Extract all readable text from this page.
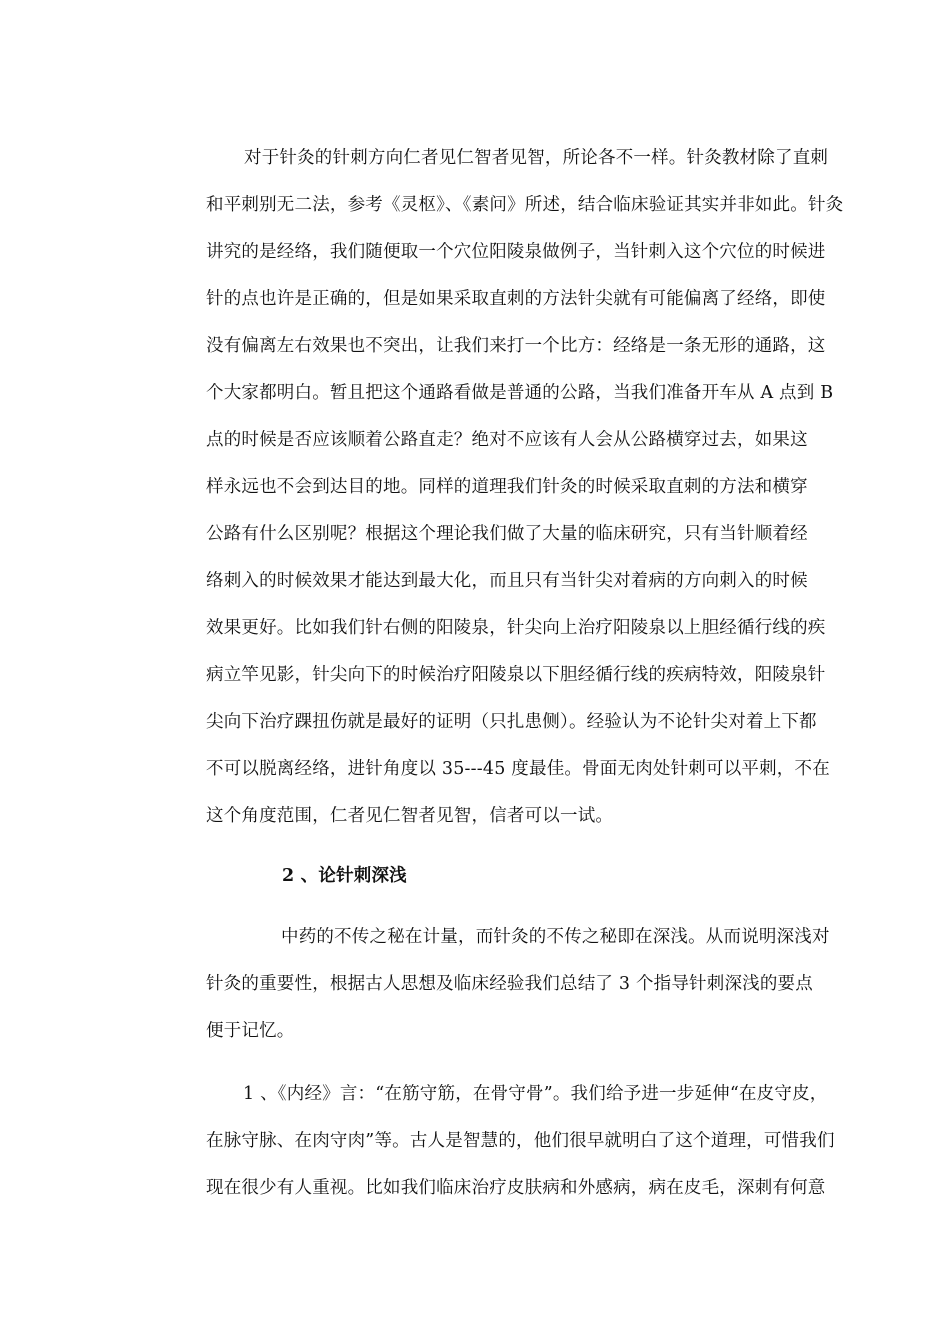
对于针灸的针刺方向仁者见仁智者见智，所论各不一样。针灸教材除了直刺
和平刺别无二法，参考《灵枢》、《素问》所述，结合临床验证其实并非如此。针灸
讲究的是经络，我们随便取一个穴位阳陵泉做例子，当针刺入这个穴位的时候进
针的点也许是正确的，但是如果采取直刺的方法针尖就有可能偏离了经络，即使
没有偏离左右效果也不突出，让我们来打一个比方：经络是一条无形的通路，这
个大家都明白。暂且把这个通路看做是普通的公路，当我们准备开车从 A 点到 B
点的时候是否应该顺着公路直走？绝对不应该有人会从公路横穿过去，如果这
样永远也不会到达目的地。同样的道理我们针灸的时候采取直刺的方法和横穿
公路有什么区别呢？根据这个理论我们做了大量的临床研究，只有当针顺着经
络刺入的时候效果才能达到最大化，而且只有当针尖对着病的方向刺入的时候
效果更好。比如我们针右侧的阳陵泉，针尖向上治疗阳陵泉以上胆经循行线的疾
病立竿见影，针尖向下的时候治疗阳陵泉以下胆经循行线的疾病特效，阳陵泉针
尖向下治疗踝扭伤就是最好的证明（只扎患侧）。经验认为不论针尖对着上下都
不可以脱离经络，进针角度以 35---45 度最佳。骨面无肉处针刺可以平刺，不在
这个角度范围，仁者见仁智者见智，信者可以一试。
2 、论针刺深浅
中药的不传之秘在计量，而针灸的不传之秘即在深浅。从而说明深浅对
针灸的重要性，根据古人思想及临床经验我们总结了 3 个指导针刺深浅的要点
便于记忆。
1 、《内经》言：“在筋守筋，在骨守骨”。我们给予进一步延伸“在皮守皮，
在脉守脉、在肉守肉”等。古人是智慧的，他们很早就明白了这个道理，可惜我们
现在很少有人重视。比如我们临床治疗皮肤病和外感病，病在皮毛，深刺有何意
